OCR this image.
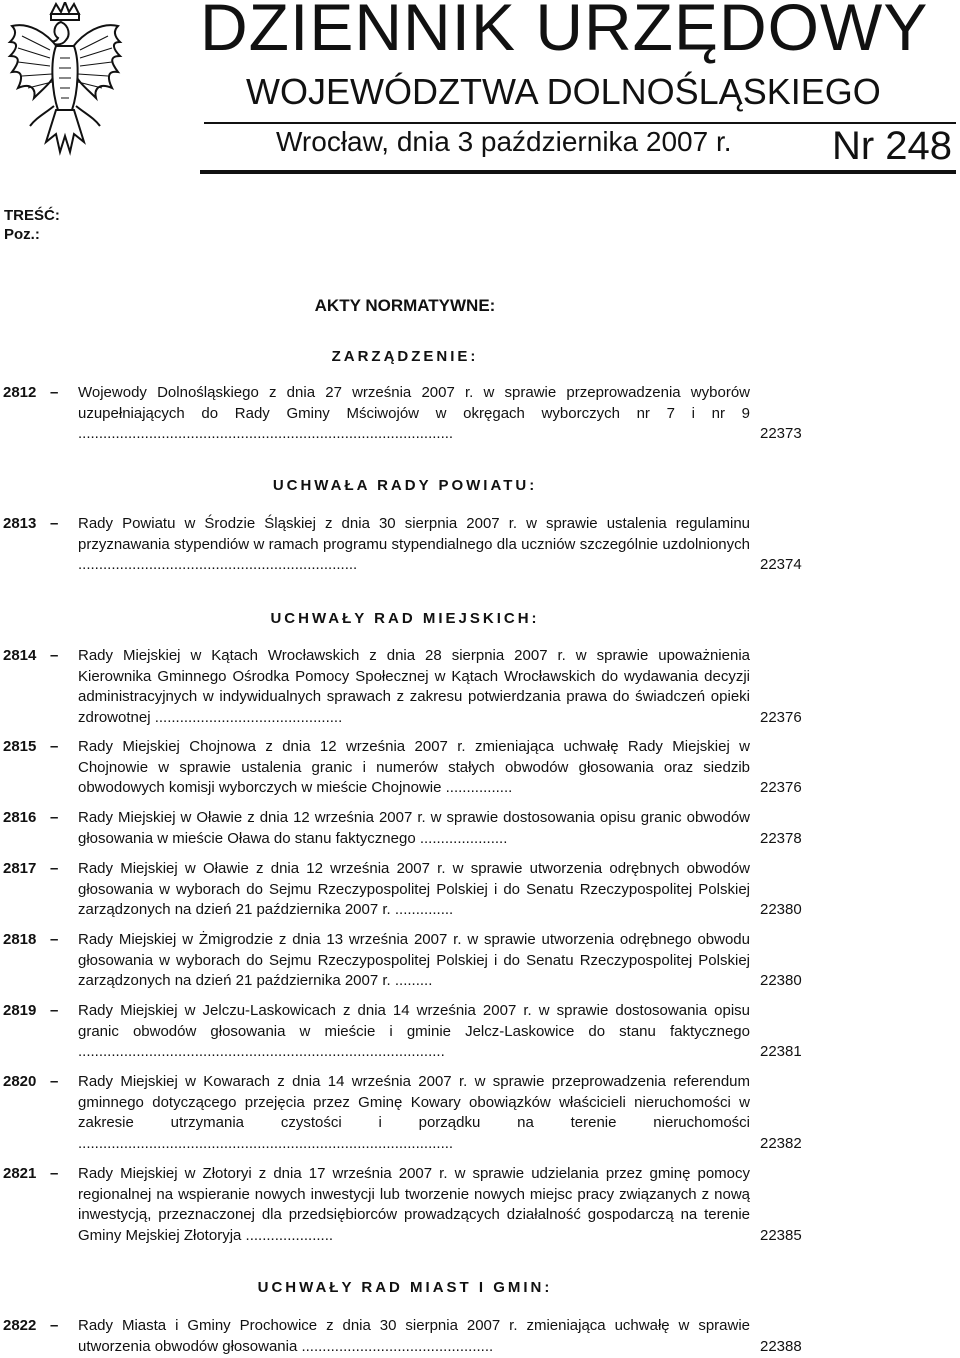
DZIENNIK URZĘDOWY
WOJEWÓDZTWA DOLNOŚLĄSKIEGO
Wrocław, dnia 3 października 2007 r.	Nr 248
TREŚĆ:
Poz.:
AKTY NORMATYWNE:
ZARZĄDZENIE:
2812 – Wojewody Dolnośląskiego z dnia 27 września 2007 r. w sprawie przeprowadzenia wyborów uzupełniających do Rady Gminy Mściwojów w okręgach wyborczych nr 7 i nr 9 ..........................................................................................	22373
UCHWAŁA RADY POWIATU:
2813 – Rady Powiatu w Środzie Śląskiej z dnia 30 sierpnia 2007 r. w sprawie ustalenia regulaminu przyznawania stypendiów w ramach programu stypendialnego dla uczniów szczególnie uzdolnionych ...................................................................	22374
UCHWAŁY RAD MIEJSKICH:
2814 – Rady Miejskiej w Kątach Wrocławskich z dnia 28 sierpnia 2007 r. w sprawie upoważnienia Kierownika Gminnego Ośrodka Pomocy Społecznej w Kątach Wrocławskich do wydawania decyzji administracyjnych w indywidualnych sprawach z zakresu potwierdzania prawa do świadczeń opieki zdrowotnej .............................................	22376
2815 – Rady Miejskiej Chojnowa z dnia 12 września 2007 r. zmieniająca uchwałę Rady Miejskiej w Chojnowie w sprawie ustalenia granic i numerów stałych obwodów głosowania oraz siedzib obwodowych komisji wyborczych w mieście Chojnowie ................	22376
2816 – Rady Miejskiej w Oławie z dnia 12 września 2007 r. w sprawie dostosowania opisu granic obwodów głosowania w mieście Oława do stanu faktycznego .....................	22378
2817 – Rady Miejskiej w Oławie z dnia 12 września 2007 r. w sprawie utworzenia odrębnych obwodów głosowania w wyborach do Sejmu Rzeczypospolitej Polskiej i do Senatu Rzeczypospolitej Polskiej zarządzonych na dzień 21 października 2007 r. ..............	22380
2818 – Rady Miejskiej w Żmigrodzie z dnia 13 września 2007 r. w sprawie utworzenia odrębnego obwodu głosowania w wyborach do Sejmu Rzeczypospolitej Polskiej i do Senatu Rzeczypospolitej Polskiej zarządzonych na dzień 21 października 2007 r. .........	22380
2819 – Rady Miejskiej w Jelczu-Laskowicach z dnia 14 września 2007 r. w sprawie dostosowania opisu granic obwodów głosowania w mieście i gminie Jelcz-Laskowice do stanu faktycznego ........................................................................................	22381
2820 – Rady Miejskiej w Kowarach z dnia 14 września 2007 r. w sprawie przeprowadzenia referendum gminnego dotyczącego przejęcia przez Gminę Kowary obowiązków właścicieli nieruchomości w zakresie utrzymania czystości i porządku na terenie nieruchomości ..........................................................................................	22382
2821 – Rady Miejskiej w Złotoryi z dnia 17 września 2007 r. w sprawie udzielania przez gminę pomocy regionalnej na wspieranie nowych inwestycji lub tworzenie nowych miejsc pracy związanych z nową inwestycją, przeznaczonej dla przedsiębiorców prowadzących działalność gospodarczą na terenie Gminy Mejskiej Złotoryja .....................	22385
UCHWAŁY RAD MIAST I GMIN:
2822 – Rady Miasta i Gminy Prochowice z dnia 30 sierpnia 2007 r. zmieniająca uchwałę w sprawie utworzenia obwodów głosowania ..............................................	22388
